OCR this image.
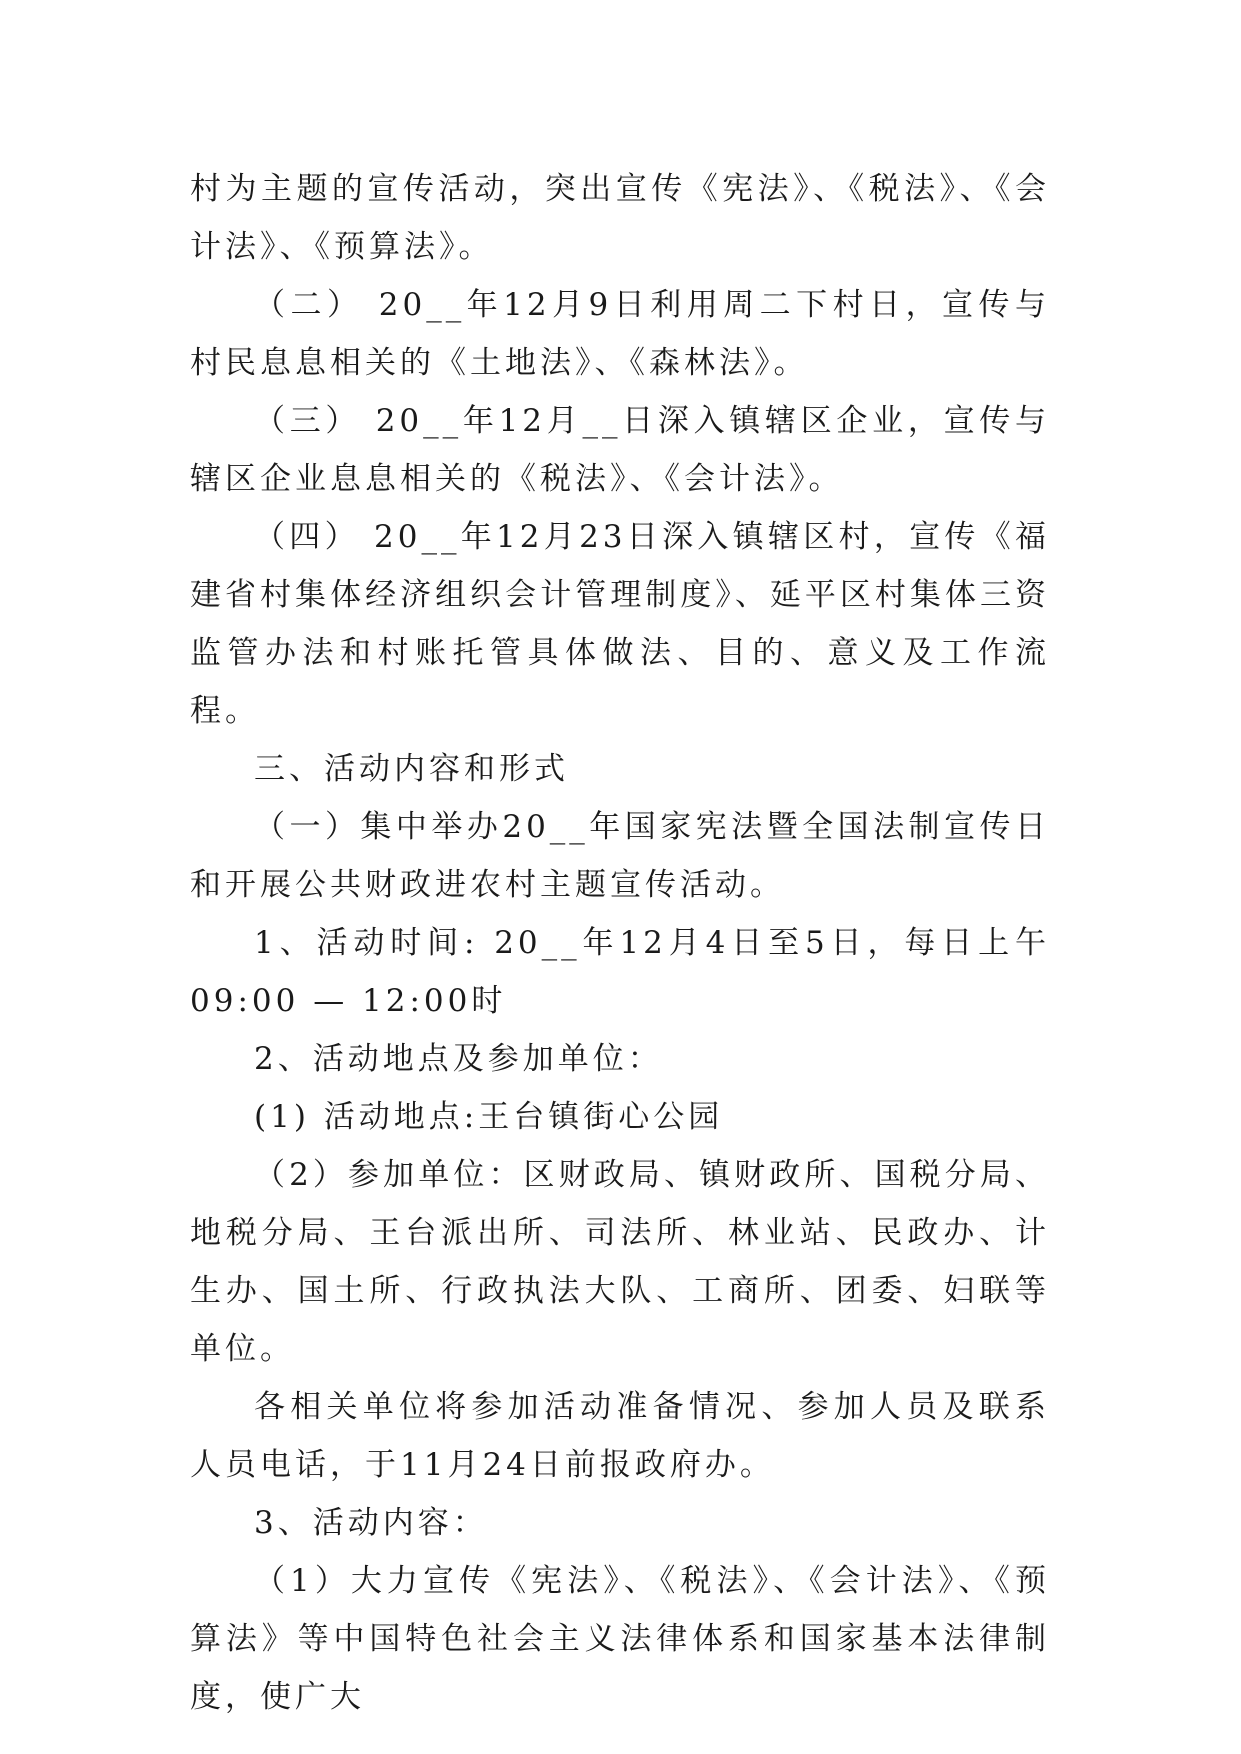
村为主题的宣传活动，突出宣传《宪法》、《税法》、《会计法》、《预算法》。

（二） 20__年12月9日利用周二下村日，宣传与村民息息相关的《土地法》、《森林法》。

（三） 20__年12月__日深入镇辖区企业，宣传与辖区企业息息相关的《税法》、《会计法》。

（四） 20__年12月23日深入镇辖区村，宣传《福建省村集体经济组织会计管理制度》、延平区村集体三资监管办法和村账托管具体做法、目的、意义及工作流程。

三、活动内容和形式

（一）集中举办20__年国家宪法暨全国法制宣传日和开展公共财政进农村主题宣传活动。

1、活动时间: 20__年12月4日至5日，每日上午09:00 — 12:00时

2、活动地点及参加单位：

(1) 活动地点:王台镇街心公园

（2）参加单位：区财政局、镇财政所、国税分局、地税分局、王台派出所、司法所、林业站、民政办、计生办、国土所、行政执法大队、工商所、团委、妇联等单位。

各相关单位将参加活动准备情况、参加人员及联系人员电话，于11月24日前报政府办。

3、活动内容：

（1）大力宣传《宪法》、《税法》、《会计法》、《预算法》等中国特色社会主义法律体系和国家基本法律制度，使广大
